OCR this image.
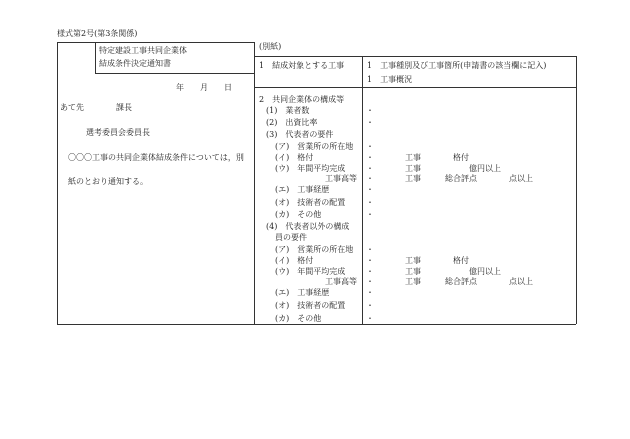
様式第2号(第3条関係)
特定建設工事共同企業体
結成条件決定通知書
年　　月　　日
あて先　　　　課長
選考委員会委員長
〇〇〇工事の共同企業体結成条件については，別
紙のとおり通知する。
(別紙)
1　結成対象とする工事	1　工事種別及び工事箇所(申請書の該当欄に記入)
1　工事概況
2　共同企業体の構成等
(1)　業者数	・
(2)　出資比率	・
(3)　代表者の要件
(ア)　営業所の所在地 ・
(イ)　格付	・	工事　　　　格付
(ウ)　年間平均完成	・	工事　　　　　　億円以上
工事高等 ・	工事　　　総合評点　　　　点以上
(エ)　工事経歴	・
(オ)　技術者の配置	・
(カ)　その他	・
(4)　代表者以外の構成
員の要件
(ア)　営業所の所在地 ・
(イ)　格付	・	工事　　　　格付
(ウ)　年間平均完成	・	工事　　　　　　億円以上
工事高等 ・	工事　　　総合評点　　　　点以上
(エ)　工事経歴	・
(オ)　技術者の配置	・
(カ)　その他	・
